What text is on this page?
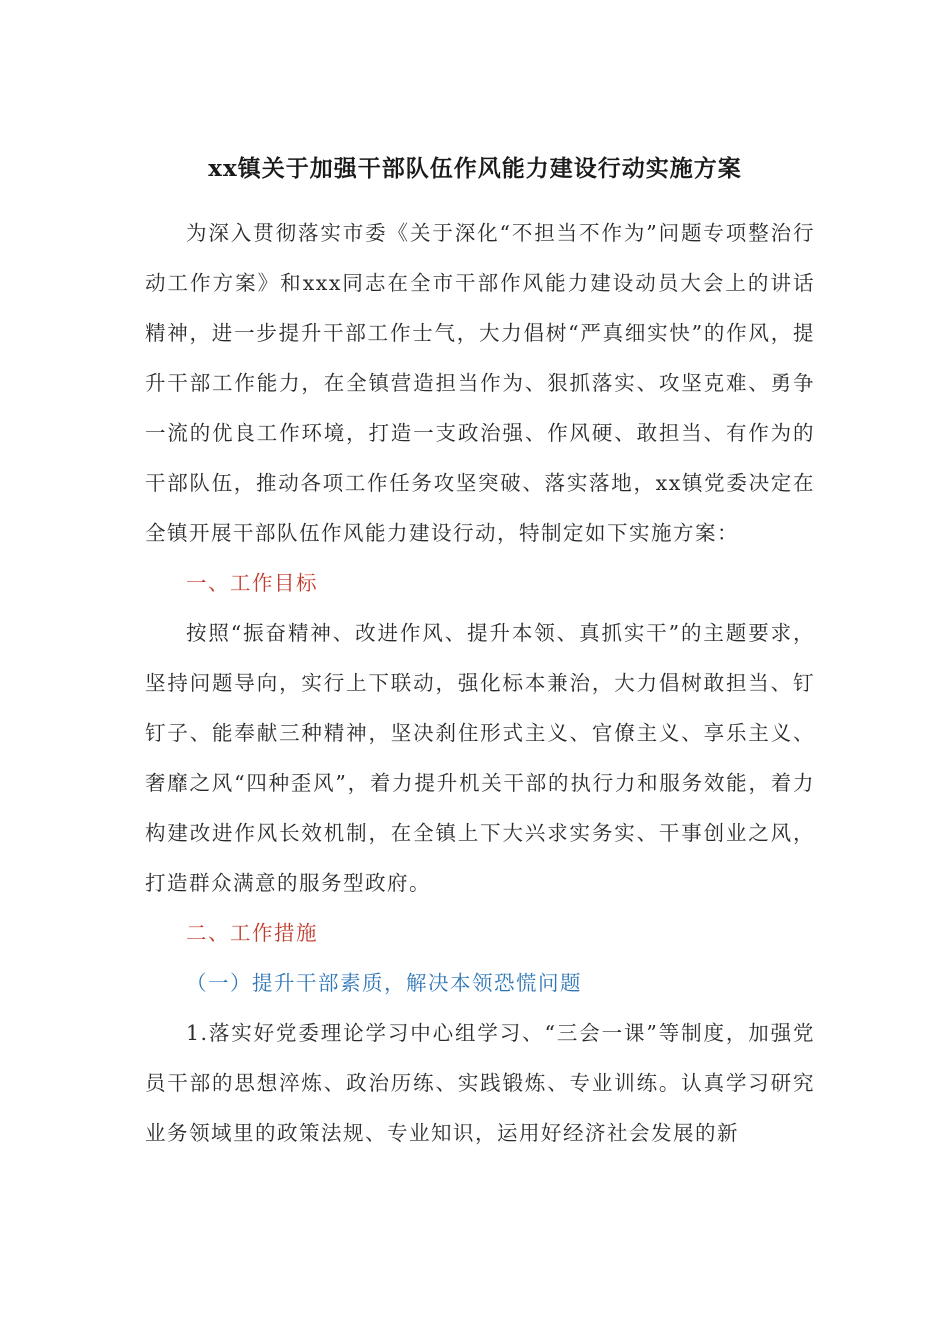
xx镇关于加强干部队伍作风能力建设行动实施方案

为深入贯彻落实市委《关于深化“不担当不作为”问题专项整治行动工作方案》和xxx同志在全市干部作风能力建设动员大会上的讲话精神，进一步提升干部工作士气，大力倡树“严真细实快”的作风，提升干部工作能力，在全镇营造担当作为、狠抓落实、攻坚克难、勇争一流的优良工作环境，打造一支政治强、作风硬、敢担当、有作为的干部队伍，推动各项工作任务攻坚突破、落实落地，xx镇党委决定在全镇开展干部队伍作风能力建设行动，特制定如下实施方案：

一、工作目标

按照“振奋精神、改进作风、提升本领、真抓实干”的主题要求，坚持问题导向，实行上下联动，强化标本兼治，大力倡树敢担当、钉钉子、能奉献三种精神，坚决刹住形式主义、官僚主义、享乐主义、奢靡之风“四种歪风”，着力提升机关干部的执行力和服务效能，着力构建改进作风长效机制，在全镇上下大兴求实务实、干事创业之风，打造群众满意的服务型政府。

二、工作措施

（一）提升干部素质，解决本领恐慌问题

1.落实好党委理论学习中心组学习、“三会一课”等制度，加强党员干部的思想淬炼、政治历练、实践锻炼、专业训练。认真学习研究业务领域里的政策法规、专业知识，运用好经济社会发展的新
